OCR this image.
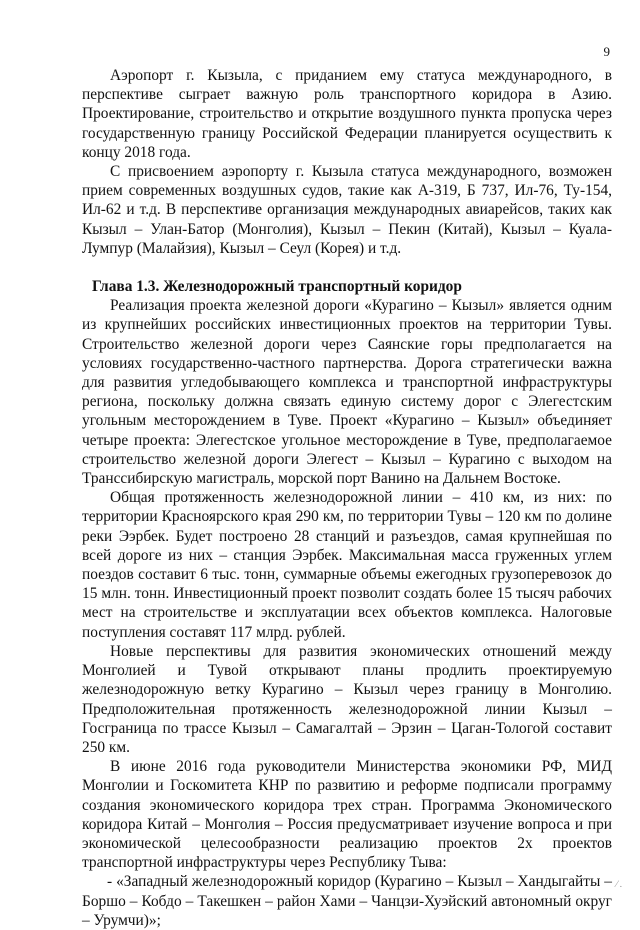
9

Аэропорт г. Кызыла, с приданием ему статуса международного, в перспективе сыграет важную роль транспортного коридора в Азию. Проектирование, строительство и открытие воздушного пункта пропуска через государственную границу Российской Федерации планируется осуществить к концу 2018 года.

С присвоением аэропорту г. Кызыла статуса международного, возможен прием современных воздушных судов, такие как А-319, Б 737, Ил-76, Ту-154, Ил-62 и т.д. В перспективе организация международных авиарейсов, таких как Кызыл – Улан-Батор (Монголия), Кызыл – Пекин (Китай), Кызыл – Куала-Лумпур (Малайзия), Кызыл – Сеул (Корея) и т.д.

Глава 1.3. Железнодорожный транспортный коридор

Реализация проекта железной дороги «Курагино – Кызыл» является одним из крупнейших российских инвестиционных проектов на территории Тувы. Строительство железной дороги через Саянские горы предполагается на условиях государственно-частного партнерства. Дорога стратегически важна для развития угледобывающего комплекса и транспортной инфраструктуры региона, поскольку должна связать единую систему дорог с Элегестским угольным месторождением в Туве. Проект «Курагино – Кызыл» объединяет четыре проекта: Элегестское угольное месторождение в Туве, предполагаемое строительство железной дороги Элегест – Кызыл – Курагино с выходом на Транссибирскую магистраль, морской порт Ванино на Дальнем Востоке.

Общая протяженность железнодорожной линии – 410 км, из них: по территории Красноярского края 290 км, по территории Тувы – 120 км по долине реки Ээрбек. Будет построено 28 станций и разъездов, самая крупнейшая по всей дороге из них – станция Ээрбек. Максимальная масса груженных углем поездов составит 6 тыс. тонн, суммарные объемы ежегодных грузоперевозок до 15 млн. тонн. Инвестиционный проект позволит создать более 15 тысяч рабочих мест на строительстве и эксплуатации всех объектов комплекса. Налоговые поступления составят 117 млрд. рублей.

Новые перспективы для развития экономических отношений между Монголией и Тувой открывают планы продлить проектируемую железнодорожную ветку Курагино – Кызыл через границу в Монголию. Предположительная протяженность железнодорожной линии Кызыл – Госграница по трассе Кызыл – Самагалтай – Эрзин – Цаган-Тологой составит 250 км.

В июне 2016 года руководители Министерства экономики РФ, МИД Монголии и Госкомитета КНР по развитию и реформе подписали программу создания экономического коридора трех стран. Программа Экономического коридора Китай – Монголия – Россия предусматривает изучение вопроса и при экономической целесообразности реализацию проектов 2х проектов транспортной инфраструктуры через Республику Тыва:

- «Западный железнодорожный коридор (Курагино – Кызыл – Хандыгайты – Боршо – Кобдо – Такешкен – район Хами – Чанцзи-Хуэйский автономный округ – Урумчи)»;

⁄ .
